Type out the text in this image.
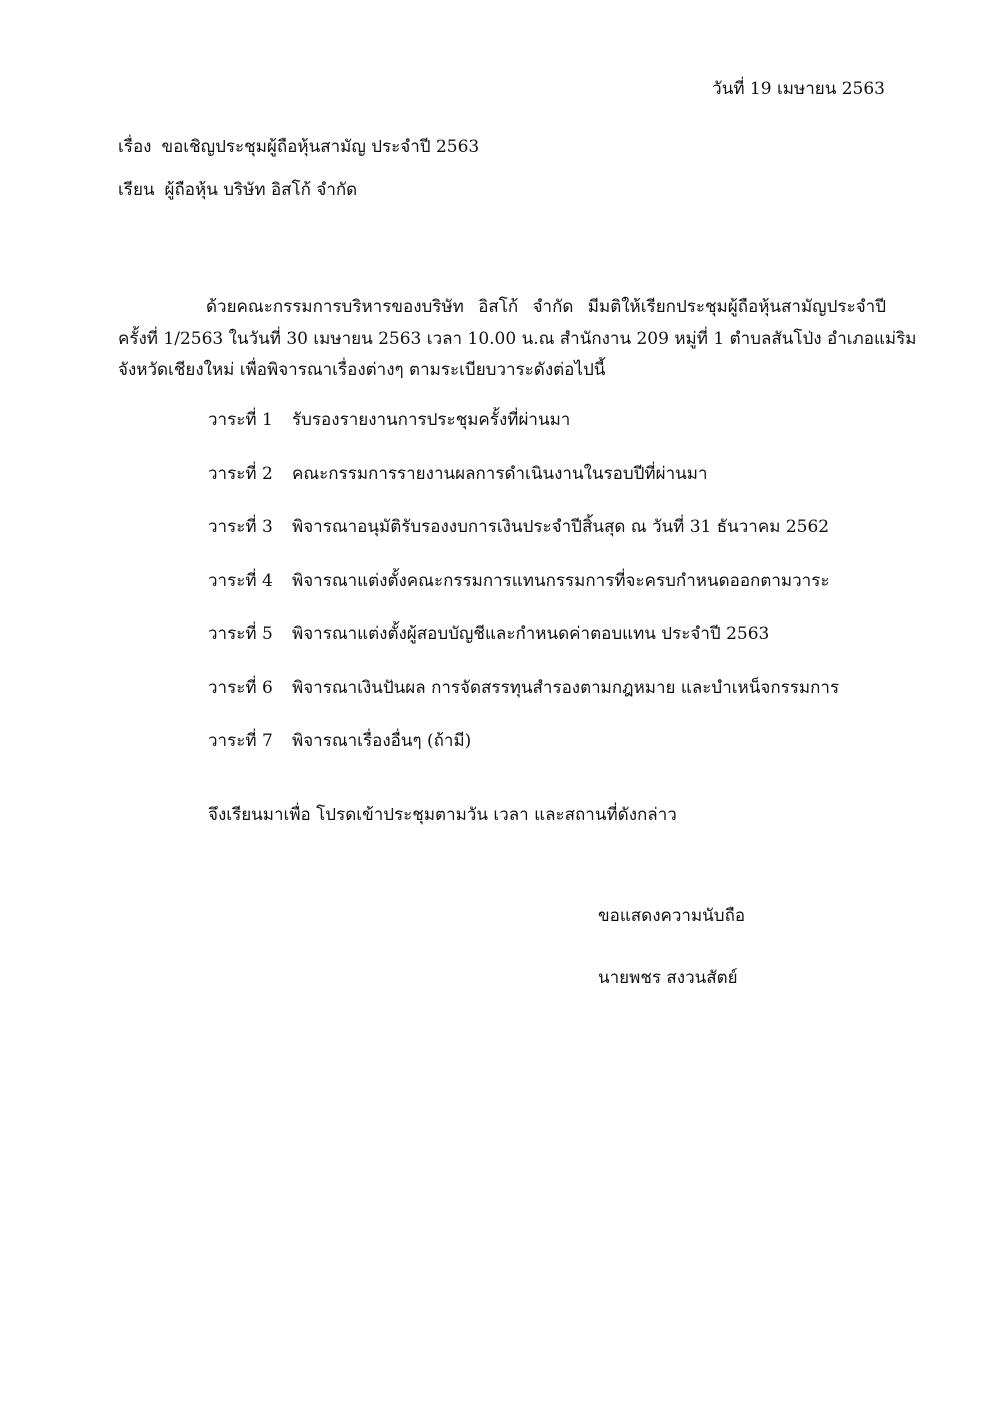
วันที่ 19 เมษายน 2563
เรื่อง ขอเชิญประชุมผู้ถือหุ้นสามัญ ประจำปี 2563
เรียน ผู้ถือหุ้น บริษัท อิสโก้ จำกัด
ด้วยคณะกรรมการบริหารของบริษัท อิสโก้ จำกัด มีมติให้เรียกประชุมผู้ถือหุ้นสามัญประจำปี
ครั้งที่ 1/2563 ในวันที่ 30 เมษายน 2563 เวลา 10.00 น.ณ สำนักงาน 209 หมู่ที่ 1 ตำบลสันโป่ง อำเภอแม่ริม
จังหวัดเชียงใหม่ เพื่อพิจารณาเรื่องต่างๆ ตามระเบียบวาระดังต่อไปนี้
วาระที่ 1	รับรองรายงานการประชุมครั้งที่ผ่านมา
วาระที่ 2	คณะกรรมการรายงานผลการดำเนินงานในรอบปีที่ผ่านมา
วาระที่ 3	พิจารณาอนุมัติรับรองงบการเงินประจำปีสิ้นสุด ณ วันที่ 31 ธันวาคม 2562
วาระที่ 4	พิจารณาแต่งตั้งคณะกรรมการแทนกรรมการที่จะครบกำหนดออกตามวาระ
วาระที่ 5	พิจารณาแต่งตั้งผู้สอบบัญชีและกำหนดค่าตอบแทน ประจำปี 2563
วาระที่ 6	พิจารณาเงินปันผล การจัดสรรทุนสำรองตามกฎหมาย และบำเหน็จกรรมการ
วาระที่ 7	พิจารณาเรื่องอื่นๆ (ถ้ามี)
จึงเรียนมาเพื่อ โปรดเข้าประชุมตามวัน เวลา และสถานที่ดังกล่าว
ขอแสดงความนับถือ
นายพชร สงวนสัตย์
